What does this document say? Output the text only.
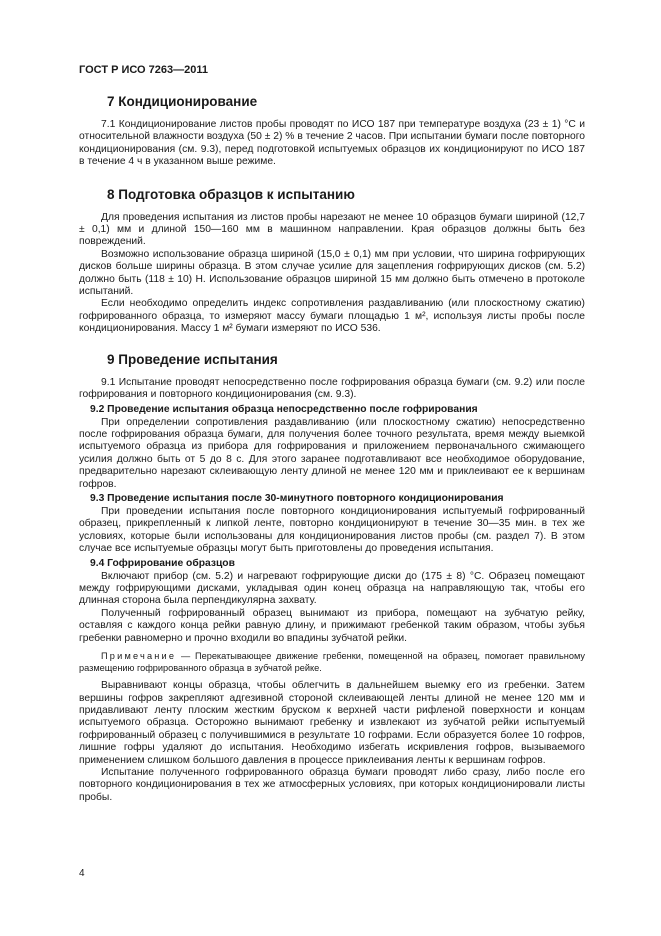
ГОСТ Р ИСО 7263—2011
7 Кондиционирование

7.1 Кондиционирование листов пробы проводят по ИСО 187 при температуре воздуха (23 ± 1) °С и относительной влажности воздуха (50 ± 2) % в течение 2 часов. При испытании бумаги после повторного кондиционирования (см. 9.3), перед подготовкой испытуемых образцов их кондиционируют по ИСО 187 в течение 4 ч в указанном выше режиме.

8 Подготовка образцов к испытанию

Для проведения испытания из листов пробы нарезают не менее 10 образцов бумаги шириной (12,7 ± 0,1) мм и длиной 150—160 мм в машинном направлении. Края образцов должны быть без повреждений.

Возможно использование образца шириной (15,0 ± 0,1) мм при условии, что ширина гофрирующих дисков больше ширины образца. В этом случае усилие для зацепления гофрирующих дисков (см. 5.2) должно быть (118 ± 10) Н. Использование образцов шириной 15 мм должно быть отмечено в протоколе испытаний.

Если необходимо определить индекс сопротивления раздавливанию (или плоскостному сжатию) гофрированного образца, то измеряют массу бумаги площадью 1 м², используя листы пробы после кондиционирования. Массу 1 м² бумаги измеряют по ИСО 536.

9 Проведение испытания

9.1 Испытание проводят непосредственно после гофрирования образца бумаги (см. 9.2) или после гофрирования и повторного кондиционирования (см. 9.3).

9.2 Проведение испытания образца непосредственно после гофрирования

При определении сопротивления раздавливанию (или плоскостному сжатию) непосредственно после гофрирования образца бумаги, для получения более точного результата, время между выемкой испытуемого образца из прибора для гофрирования и приложением первоначального сжимающего усилия должно быть от 5 до 8 с. Для этого заранее подготавливают все необходимое оборудование, предварительно нарезают склеивающую ленту длиной не менее 120 мм и приклеивают ее к вершинам гофров.

9.3 Проведение испытания после 30-минутного повторного кондиционирования

При проведении испытания после повторного кондиционирования испытуемый гофрированный образец, прикрепленный к липкой ленте, повторно кондиционируют в течение 30—35 мин. в тех же условиях, которые были использованы для кондиционирования листов пробы (см. раздел 7). В этом случае все испытуемые образцы могут быть приготовлены до проведения испытания.

9.4 Гофрирование образцов

Включают прибор (см. 5.2) и нагревают гофрирующие диски до (175 ± 8) °С. Образец помещают между гофрирующими дисками, укладывая один конец образца на направляющую так, чтобы его длинная сторона была перпендикулярна захвату.

Полученный гофрированный образец вынимают из прибора, помещают на зубчатую рейку, оставляя с каждого конца рейки равную длину, и прижимают гребенкой таким образом, чтобы зубья гребенки равномерно и прочно входили во впадины зубчатой рейки.

Примечание — Перекатывающее движение гребенки, помещенной на образец, помогает правильному размещению гофрированного образца в зубчатой рейке.

Выравнивают концы образца, чтобы облегчить в дальнейшем выемку его из гребенки. Затем вершины гофров закрепляют адгезивной стороной склеивающей ленты длиной не менее 120 мм и придавливают ленту плоским жестким бруском к верхней части рифленой поверхности и концам испытуемого образца. Осторожно вынимают гребенку и извлекают из зубчатой рейки испытуемый гофрированный образец с получившимися в результате 10 гофрами. Если образуется более 10 гофров, лишние гофры удаляют до испытания. Необходимо избегать искривления гофров, вызываемого применением слишком большого давления в процессе приклеивания ленты к вершинам гофров.

Испытание полученного гофрированного образца бумаги проводят либо сразу, либо после его повторного кондиционирования в тех же атмосферных условиях, при которых кондиционировали листы пробы.

4
